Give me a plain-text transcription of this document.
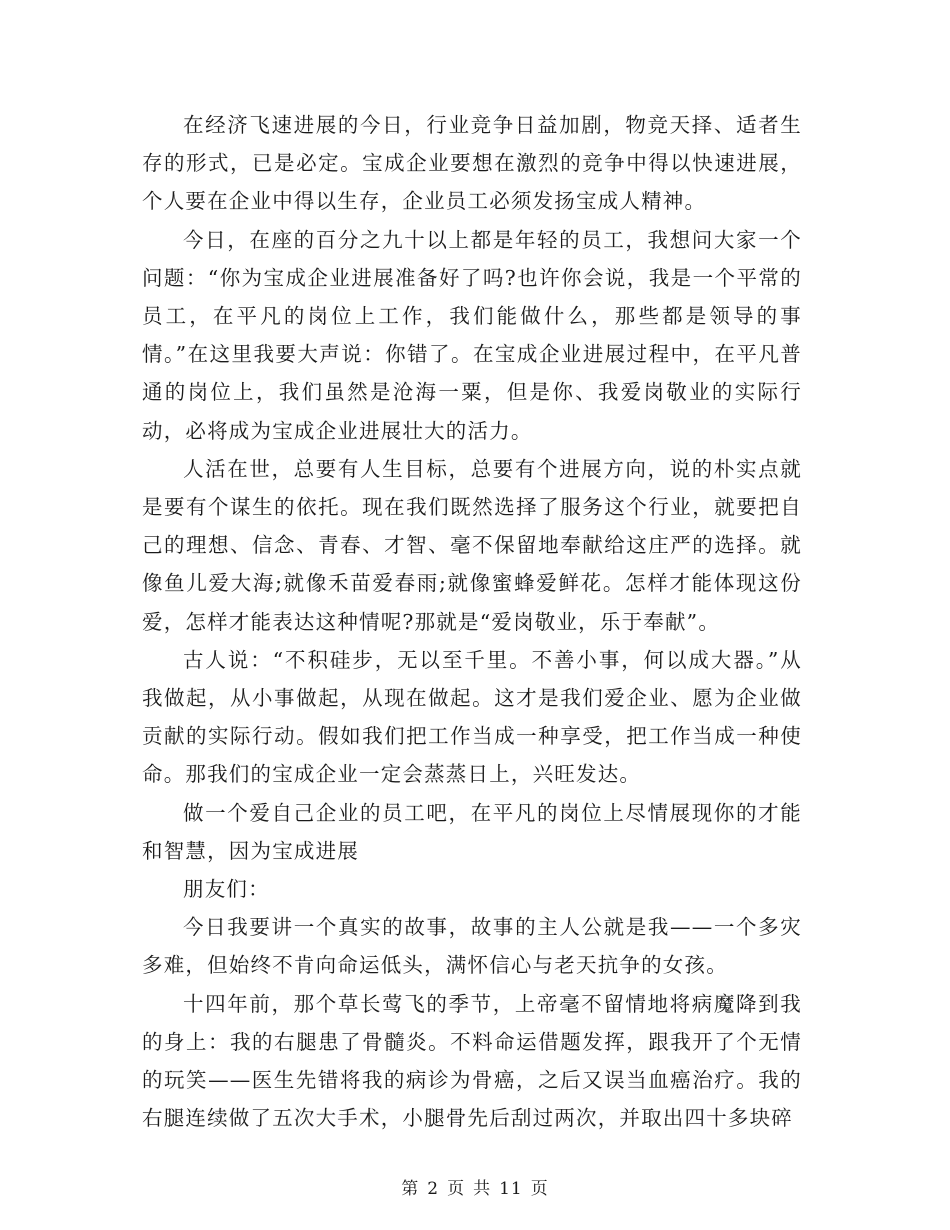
在经济飞速进展的今日，行业竞争日益加剧，物竞天择、适者生存的形式，已是必定。宝成企业要想在激烈的竞争中得以快速进展，个人要在企业中得以生存，企业员工必须发扬宝成人精神。

今日，在座的百分之九十以上都是年轻的员工，我想问大家一个问题：“你为宝成企业进展准备好了吗?也许你会说，我是一个平常的员工，在平凡的岗位上工作，我们能做什么，那些都是领导的事情。”在这里我要大声说：你错了。在宝成企业进展过程中，在平凡普通的岗位上，我们虽然是沧海一粟，但是你、我爱岗敬业的实际行动，必将成为宝成企业进展壮大的活力。

人活在世，总要有人生目标，总要有个进展方向，说的朴实点就是要有个谋生的依托。现在我们既然选择了服务这个行业，就要把自己的理想、信念、青春、才智、毫不保留地奉献给这庄严的选择。就像鱼儿爱大海;就像禾苗爱春雨;就像蜜蜂爱鲜花。怎样才能体现这份爱，怎样才能表达这种情呢?那就是“爱岗敬业，乐于奉献”。

古人说：“不积硅步，无以至千里。不善小事，何以成大器。”从我做起，从小事做起，从现在做起。这才是我们爱企业、愿为企业做贡献的实际行动。假如我们把工作当成一种享受，把工作当成一种使命。那我们的宝成企业一定会蒸蒸日上，兴旺发达。

做一个爱自己企业的员工吧，在平凡的岗位上尽情展现你的才能和智慧，因为宝成进展

朋友们：

今日我要讲一个真实的故事，故事的主人公就是我——一个多灾多难，但始终不肯向命运低头，满怀信心与老天抗争的女孩。

十四年前，那个草长莺飞的季节，上帝毫不留情地将病魔降到我的身上：我的右腿患了骨髓炎。不料命运借题发挥，跟我开了个无情的玩笑——医生先错将我的病诊为骨癌，之后又误当血癌治疗。我的右腿连续做了五次大手术，小腿骨先后刮过两次，并取出四十多块碎

第 2 页 共 11 页
